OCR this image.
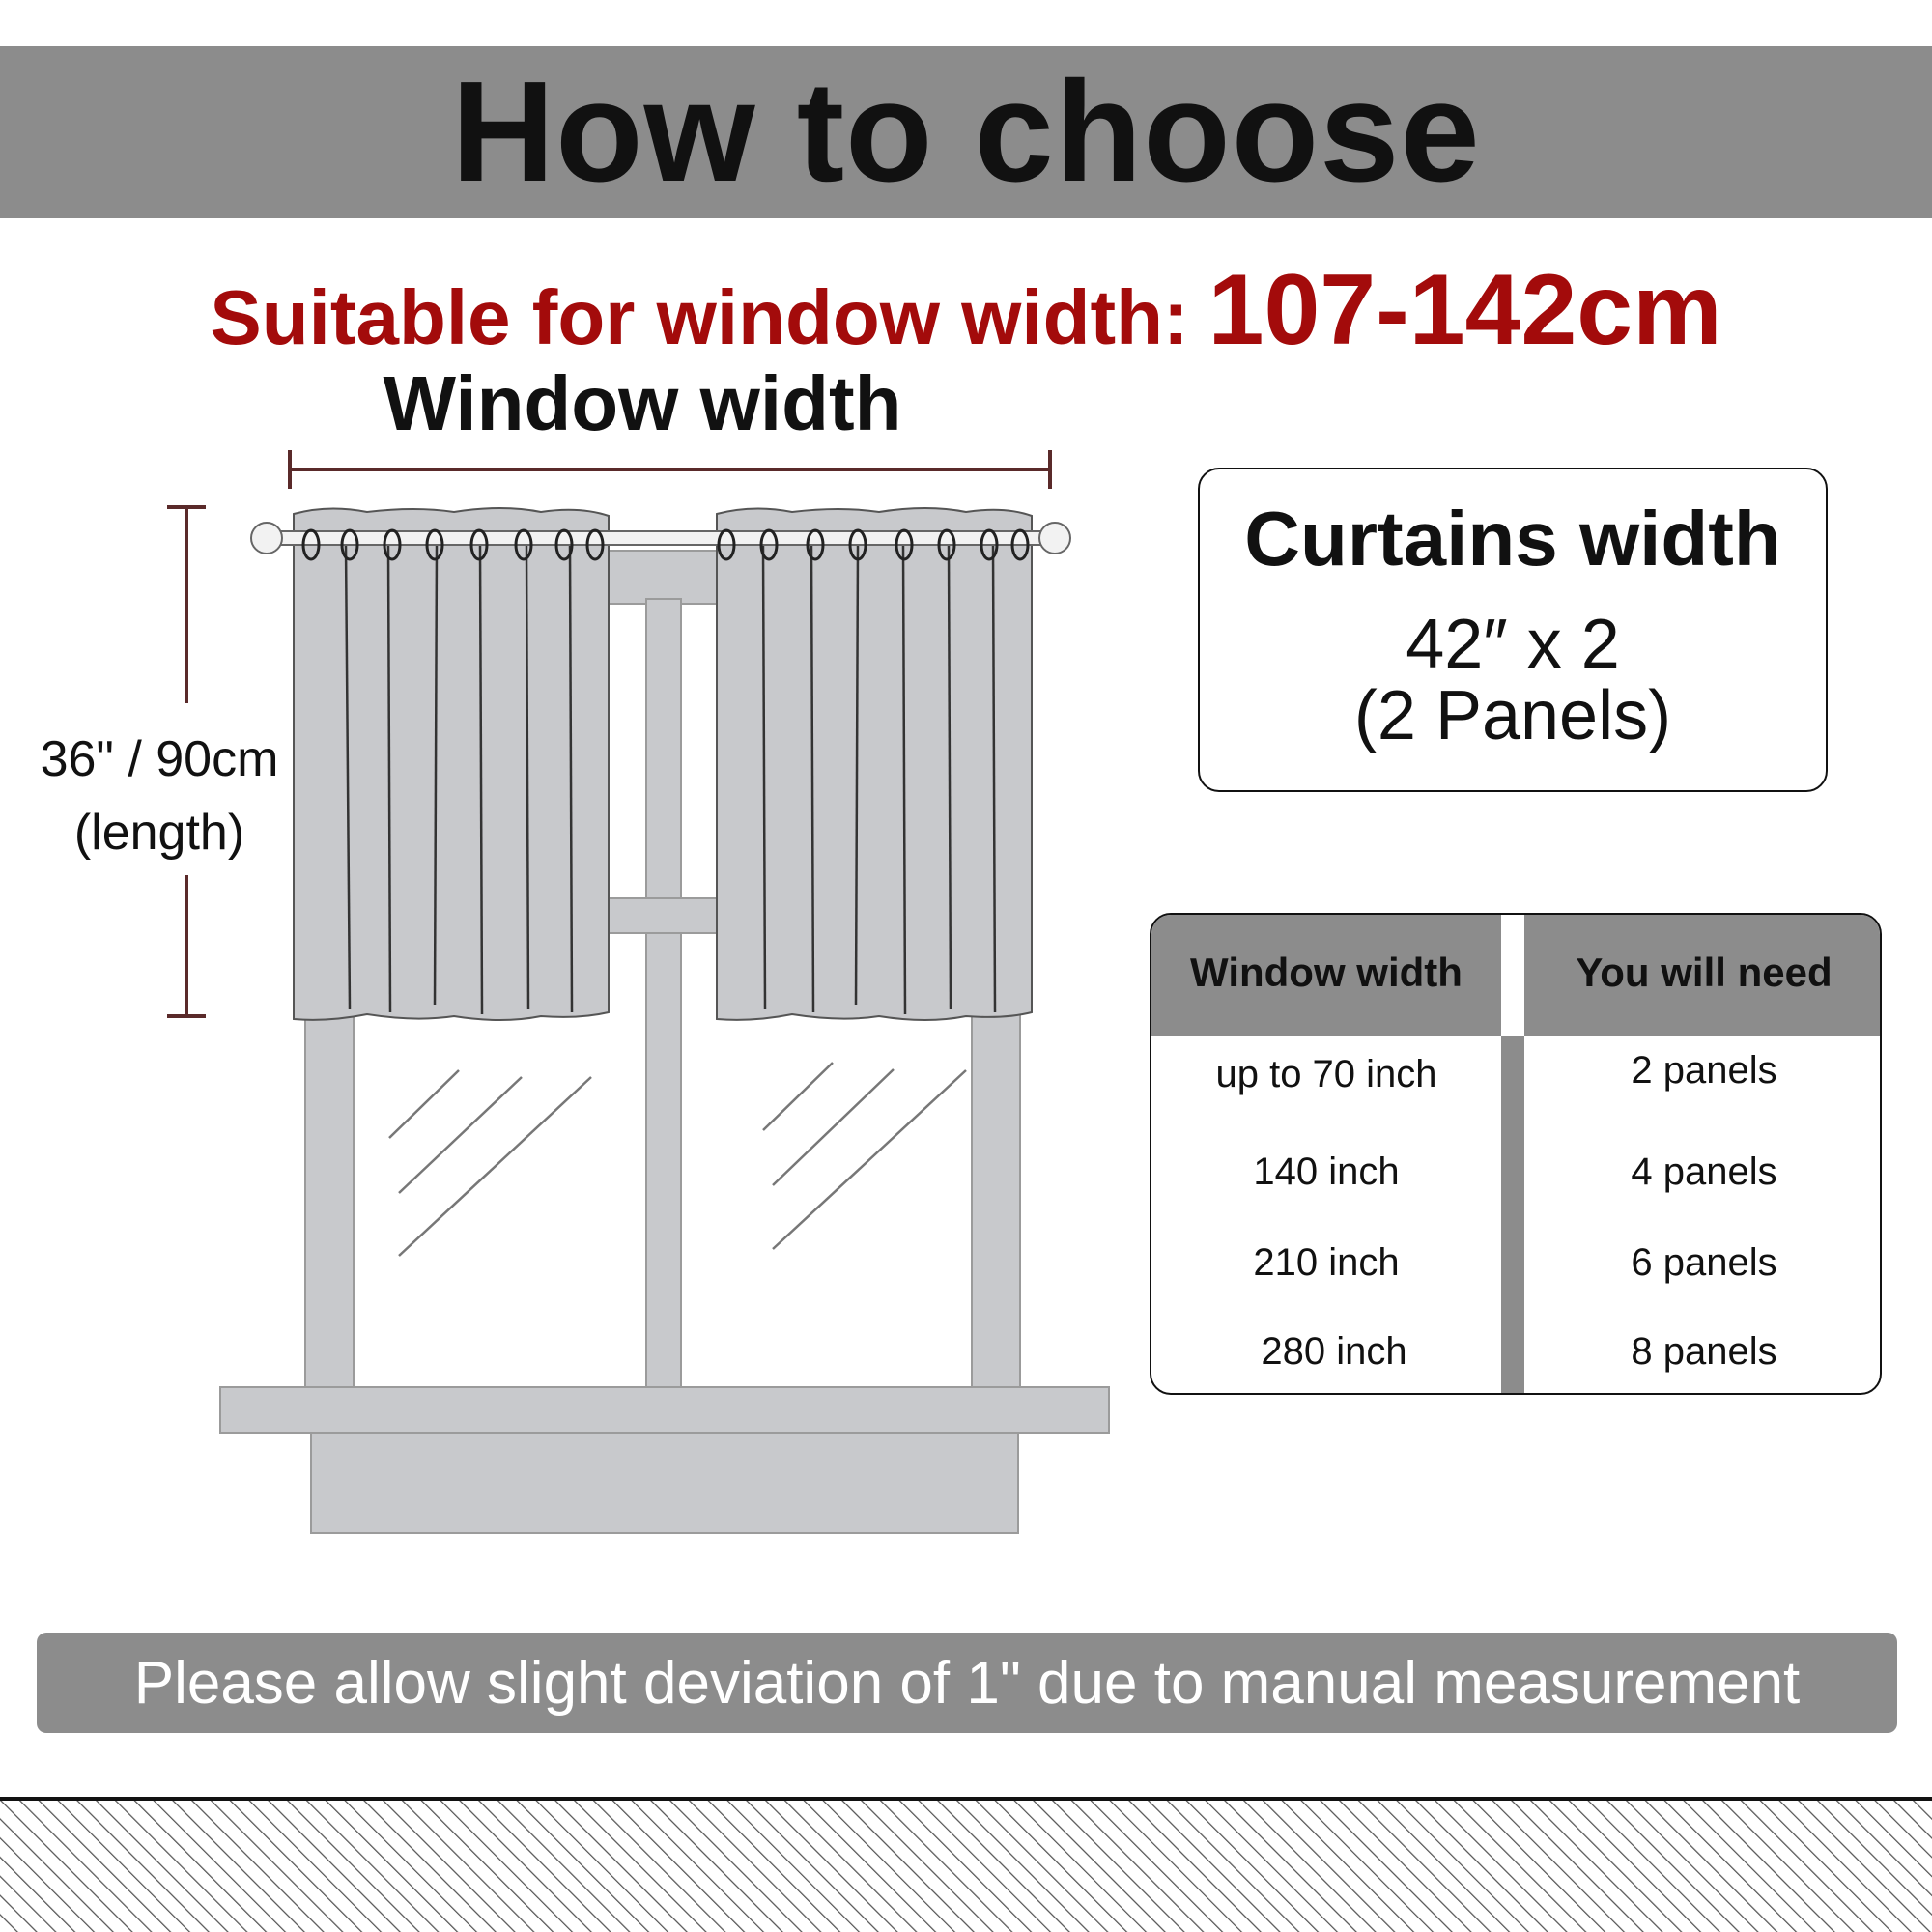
How to choose
Suitable for window width: 107-142cm
Window width
36" / 90cm
(length)
Curtains width
42″ x 2
(2 Panels)
Window width	You will need
up to 70 inch	2 panels
140 inch	4 panels
210 inch	6 panels
280 inch	8 panels
Please allow slight deviation of 1" due to manual measurement
